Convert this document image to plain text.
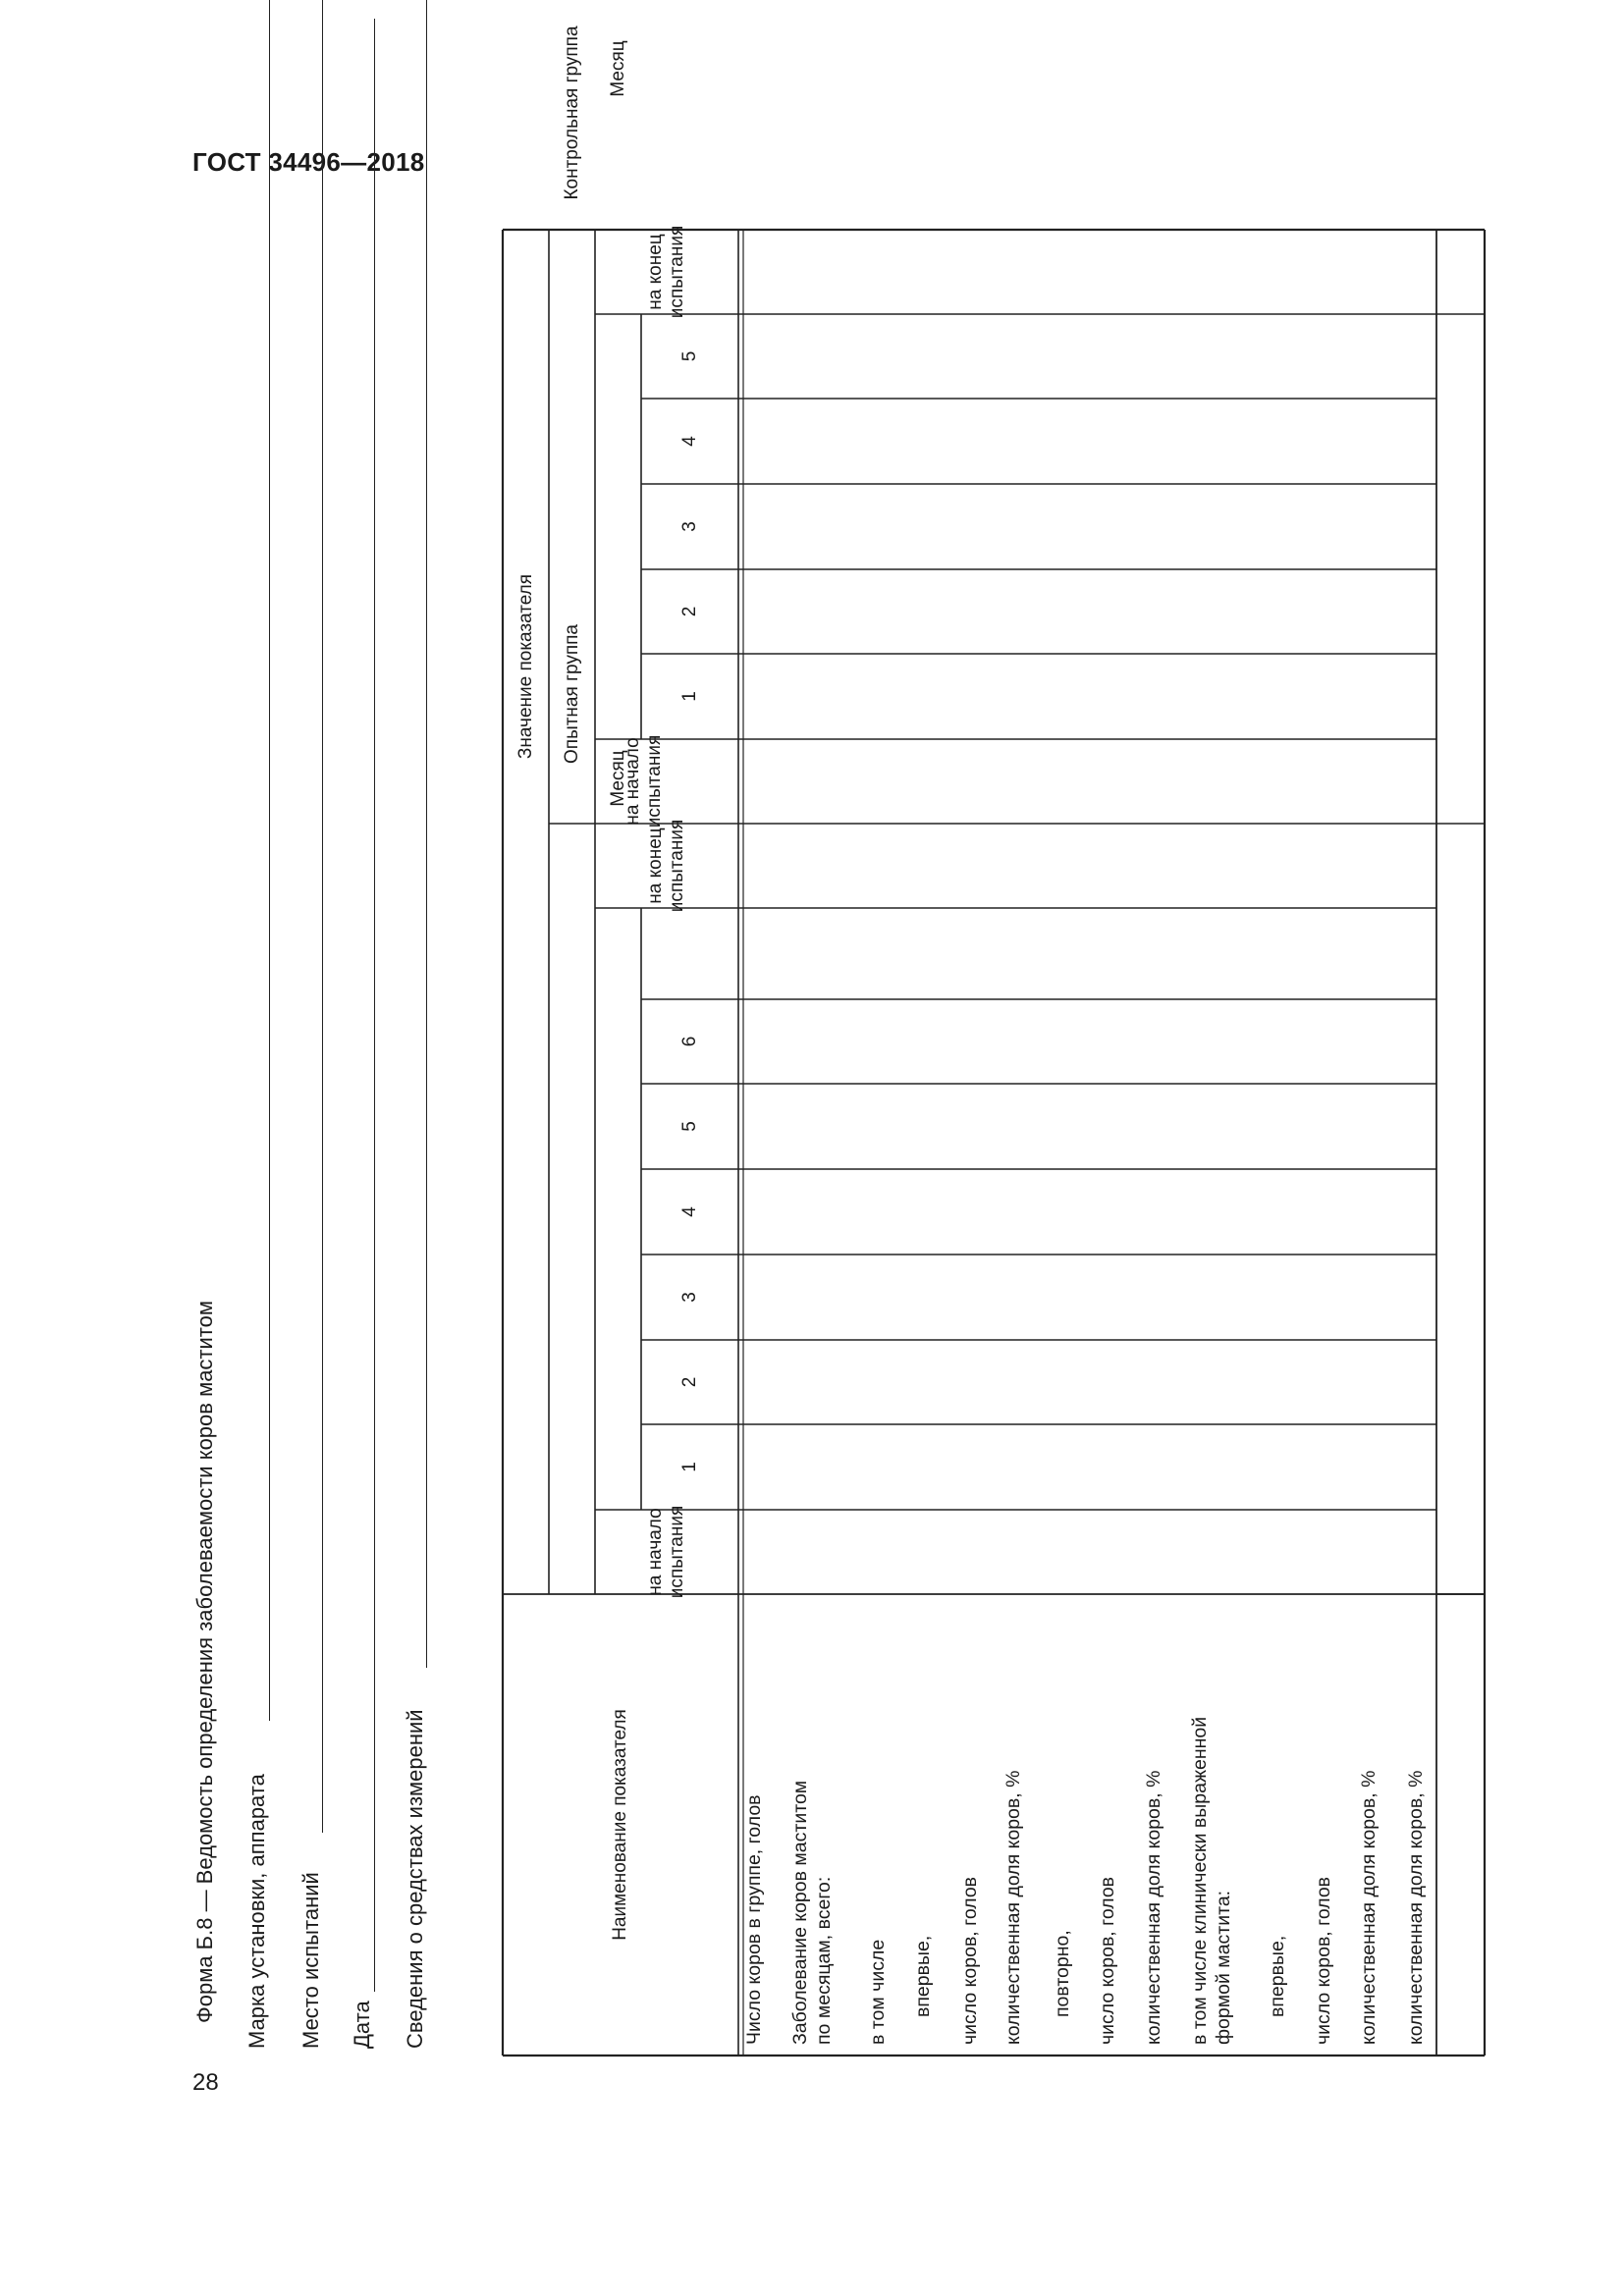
ГОСТ 34496—2018
28
Форма Б.8 — Ведомость определения заболеваемости коров маститом Марка установки, аппарата Место испытаний Дата Сведения о средствах измерений	Наименование показателя
Значение показателя	Опытная группа
Контрольная группа
Месяц
Месяц
на начало
испытания
на конец
испытания
на начало
испытания
на конец
испытания
1
2
3
4
5
6
1
2
3
4
5
Число коров в группе, голов Заболевание коров маститом по месяцам, всего: в том числе впервые, число коров, голов количественная доля коров, % повторно, число коров, голов количественная доля коров, % в том числе клинически выраженной формой мастита: впервые, число коров, голов количественная доля коров, % количественная доля коров, %
